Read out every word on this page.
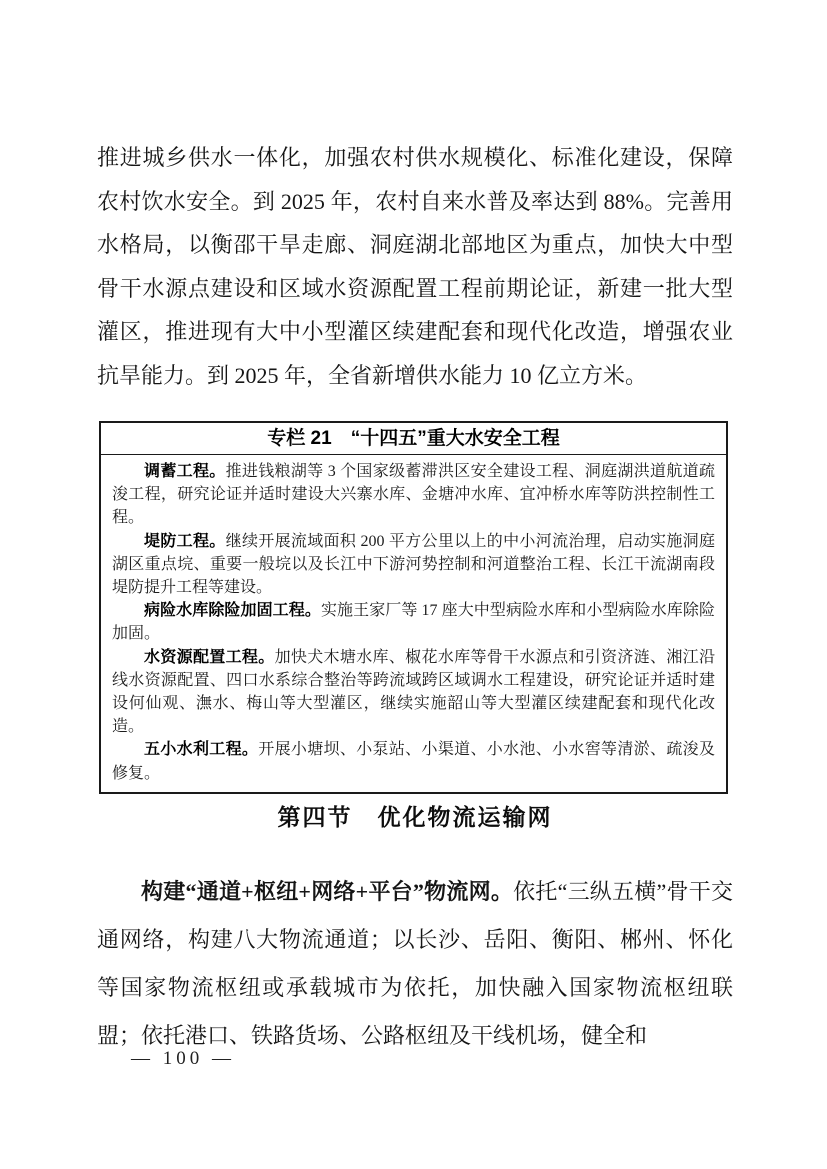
推进城乡供水一体化，加强农村供水规模化、标准化建设，保障农村饮水安全。到 2025 年，农村自来水普及率达到 88%。完善用水格局，以衡邵干旱走廊、洞庭湖北部地区为重点，加快大中型骨干水源点建设和区域水资源配置工程前期论证，新建一批大型灌区，推进现有大中小型灌区续建配套和现代化改造，增强农业抗旱能力。到 2025 年，全省新增供水能力 10 亿立方米。

专栏 21　“十四五”重大水安全工程

调蓄工程。推进钱粮湖等 3 个国家级蓄滞洪区安全建设工程、洞庭湖洪道航道疏浚工程，研究论证并适时建设大兴寨水库、金塘冲水库、宜冲桥水库等防洪控制性工程。

堤防工程。继续开展流域面积 200 平方公里以上的中小河流治理，启动实施洞庭湖区重点垸、重要一般垸以及长江中下游河势控制和河道整治工程、长江干流湖南段堤防提升工程等建设。

病险水库除险加固工程。实施王家厂等 17 座大中型病险水库和小型病险水库除险加固。

水资源配置工程。加快犬木塘水库、椒花水库等骨干水源点和引资济涟、湘江沿线水资源配置、四口水系综合整治等跨流域跨区域调水工程建设，研究论证并适时建设何仙观、潕水、梅山等大型灌区，继续实施韶山等大型灌区续建配套和现代化改造。

五小水利工程。开展小塘坝、小泵站、小渠道、小水池、小水窖等清淤、疏浚及修复。

第四节　优化物流运输网

构建“通道+枢纽+网络+平台”物流网。依托“三纵五横”骨干交通网络，构建八大物流通道；以长沙、岳阳、衡阳、郴州、怀化等国家物流枢纽或承载城市为依托，加快融入国家物流枢纽联盟；依托港口、铁路货场、公路枢纽及干线机场，健全和

— 100 —
